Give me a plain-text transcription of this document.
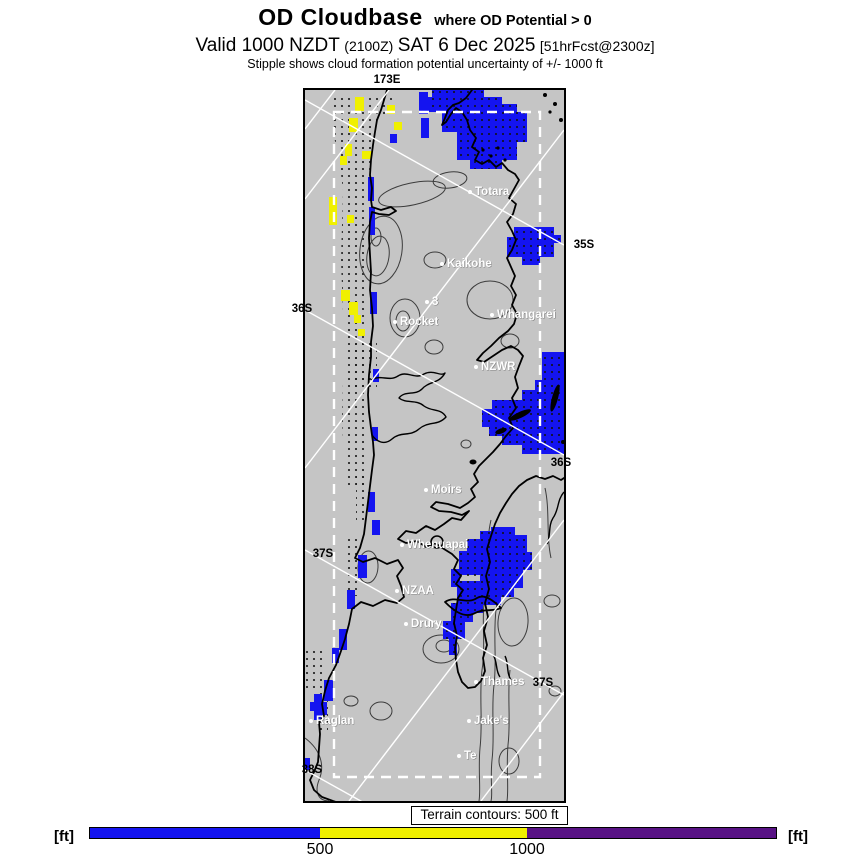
OD Cloudbase where OD Potential > 0
Valid 1000 NZDT (2100Z) SAT 6 Dec 2025 [51hrFcst@2300z]
Stipple shows cloud formation potential uncertainty of +/- 1000 ft
Totara
Kaikohe
3
Rocket
Whangarei
NZWR
Moirs
Whenuapai
NZAA
Drury
Raglan
Thames
Jake's
Te
173E
35S
36S
36S
37S
37S
38S
Terrain contours: 500 ft
[ft]
500	1000
[ft]
